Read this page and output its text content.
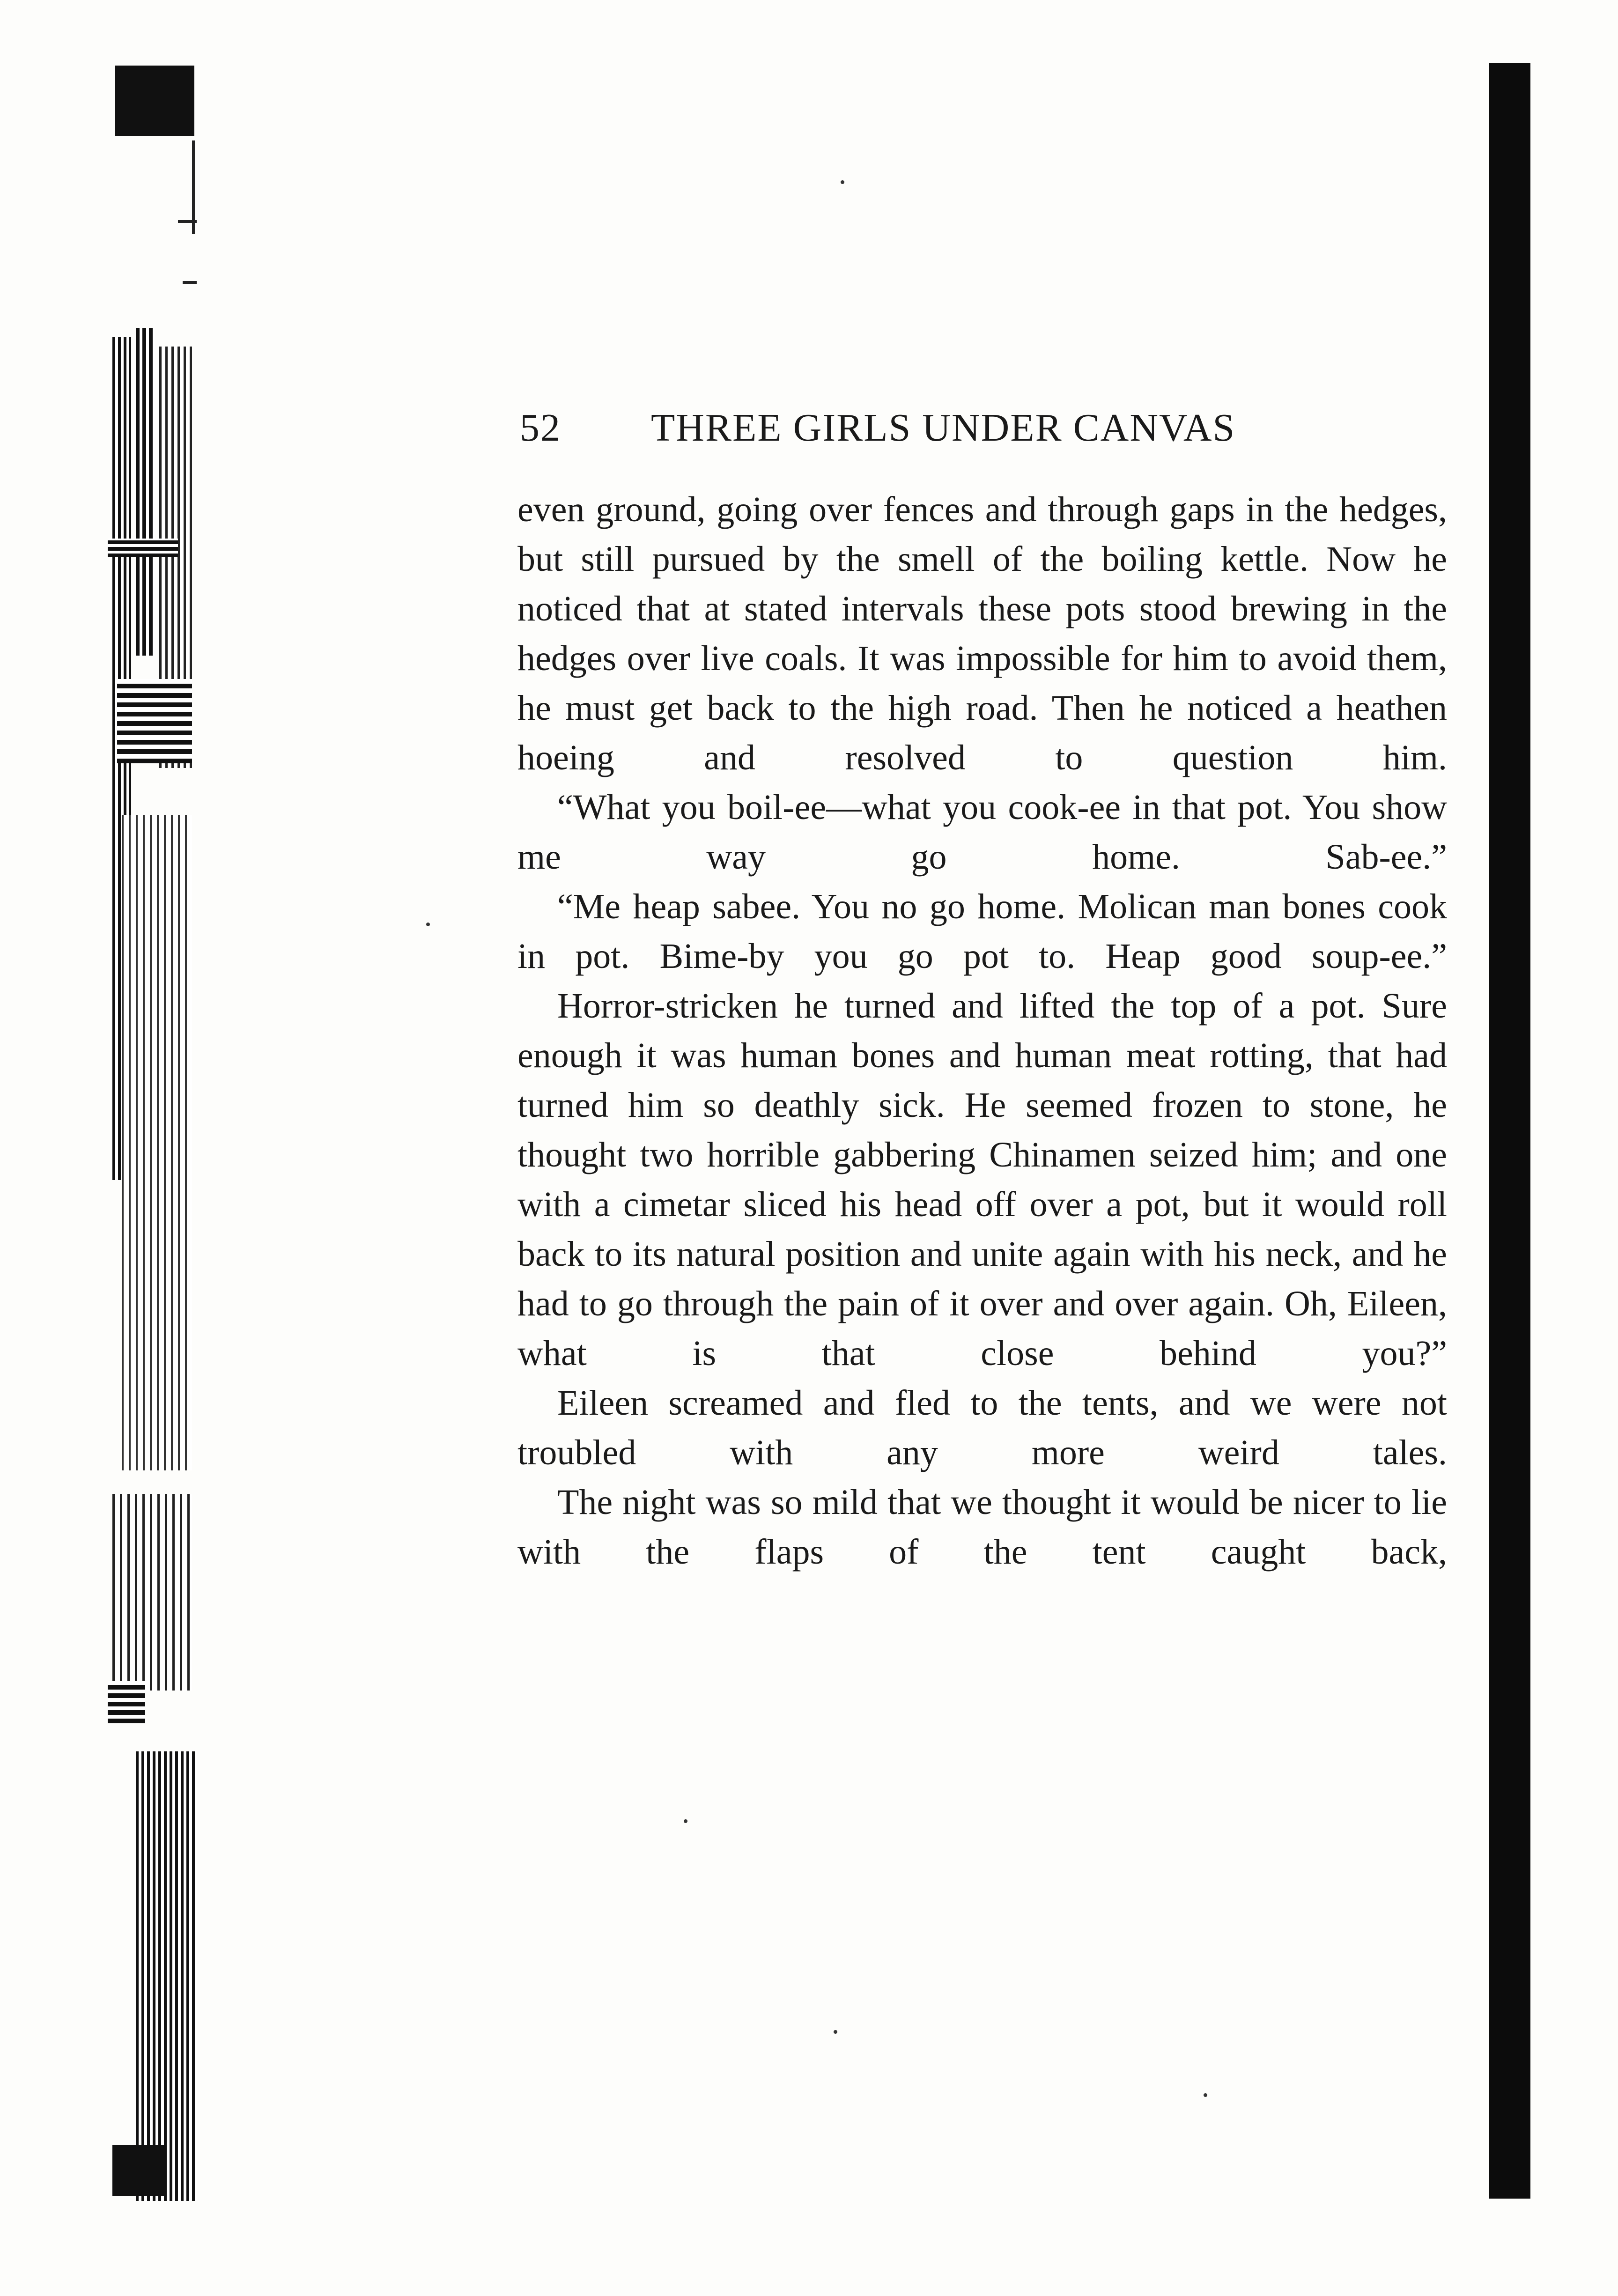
52 THREE GIRLS UNDER CANVAS

even ground, going over fences and through gaps in the hedges, but still pursued by the smell of the boiling kettle. Now he noticed that at stated intervals these pots stood brewing in the hedges over live coals. It was impossible for him to avoid them, he must get back to the high road. Then he noticed a heathen hoeing and resolved to question him.

“What you boil-ee—what you cook-ee in that pot. You show me way go home. Sab-ee.”

“Me heap sabee. You no go home. Molican man bones cook in pot. Bime-by you go pot to. Heap good soup-ee.”

Horror-stricken he turned and lifted the top of a pot. Sure enough it was human bones and human meat rotting, that had turned him so deathly sick. He seemed frozen to stone, he thought two horrible gabbering Chinamen seized him; and one with a cimetar sliced his head off over a pot, but it would roll back to its natural position and unite again with his neck, and he had to go through the pain of it over and over again. Oh, Eileen, what is that close behind you?”

Eileen screamed and fled to the tents, and we were not troubled with any more weird tales.

The night was so mild that we thought it would be nicer to lie with the flaps of the tent caught back,
